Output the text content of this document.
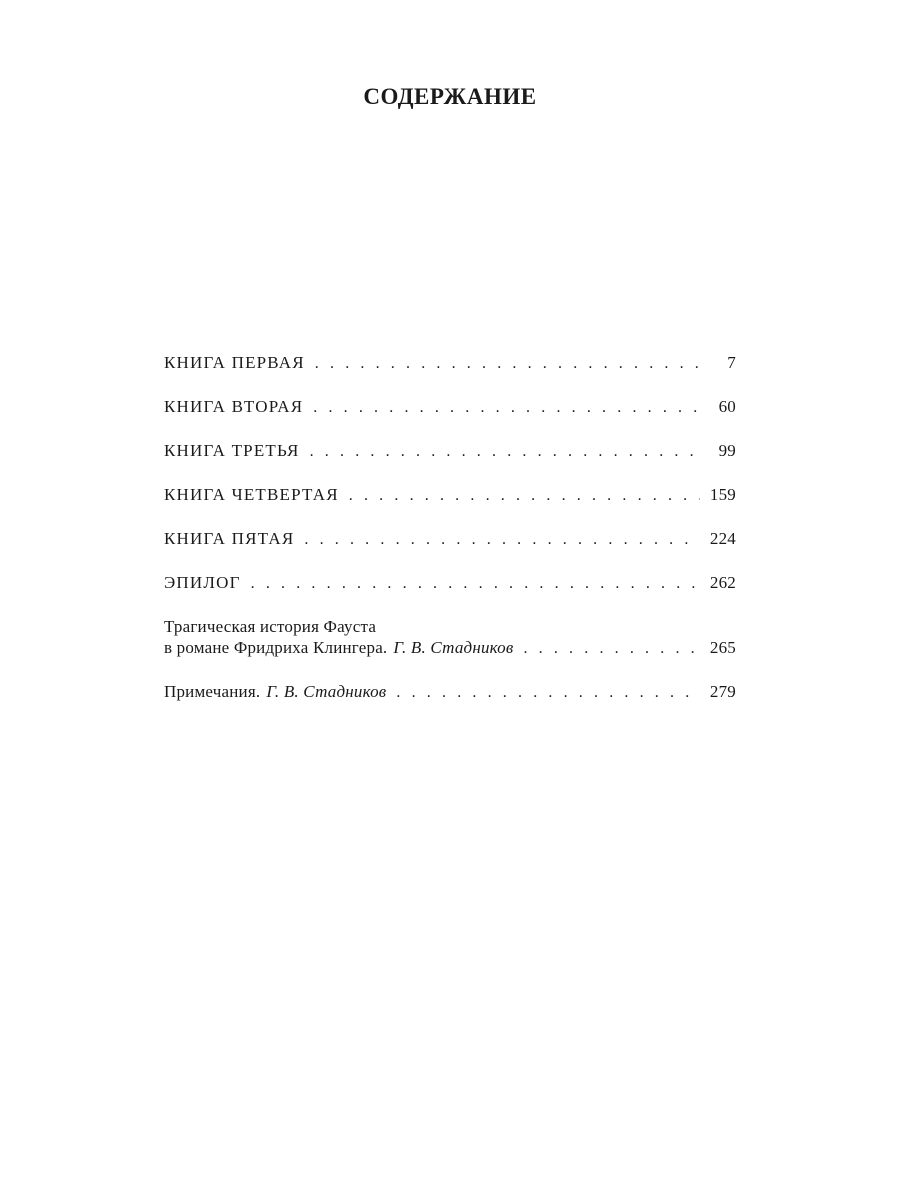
СОДЕРЖАНИЕ
КНИГА ПЕРВАЯ . . .	7
КНИГА ВТОРАЯ . . .	60
КНИГА ТРЕТЬЯ . . .	99
КНИГА ЧЕТВЕРТАЯ . . .	159
КНИГА ПЯТАЯ . . .	224
ЭПИЛОГ . . .	262
Трагическая история Фауста
в романе Фридриха Клингера. Г. В. Стадников . . .	265
Примечания. Г. В. Стадников . . .	279
